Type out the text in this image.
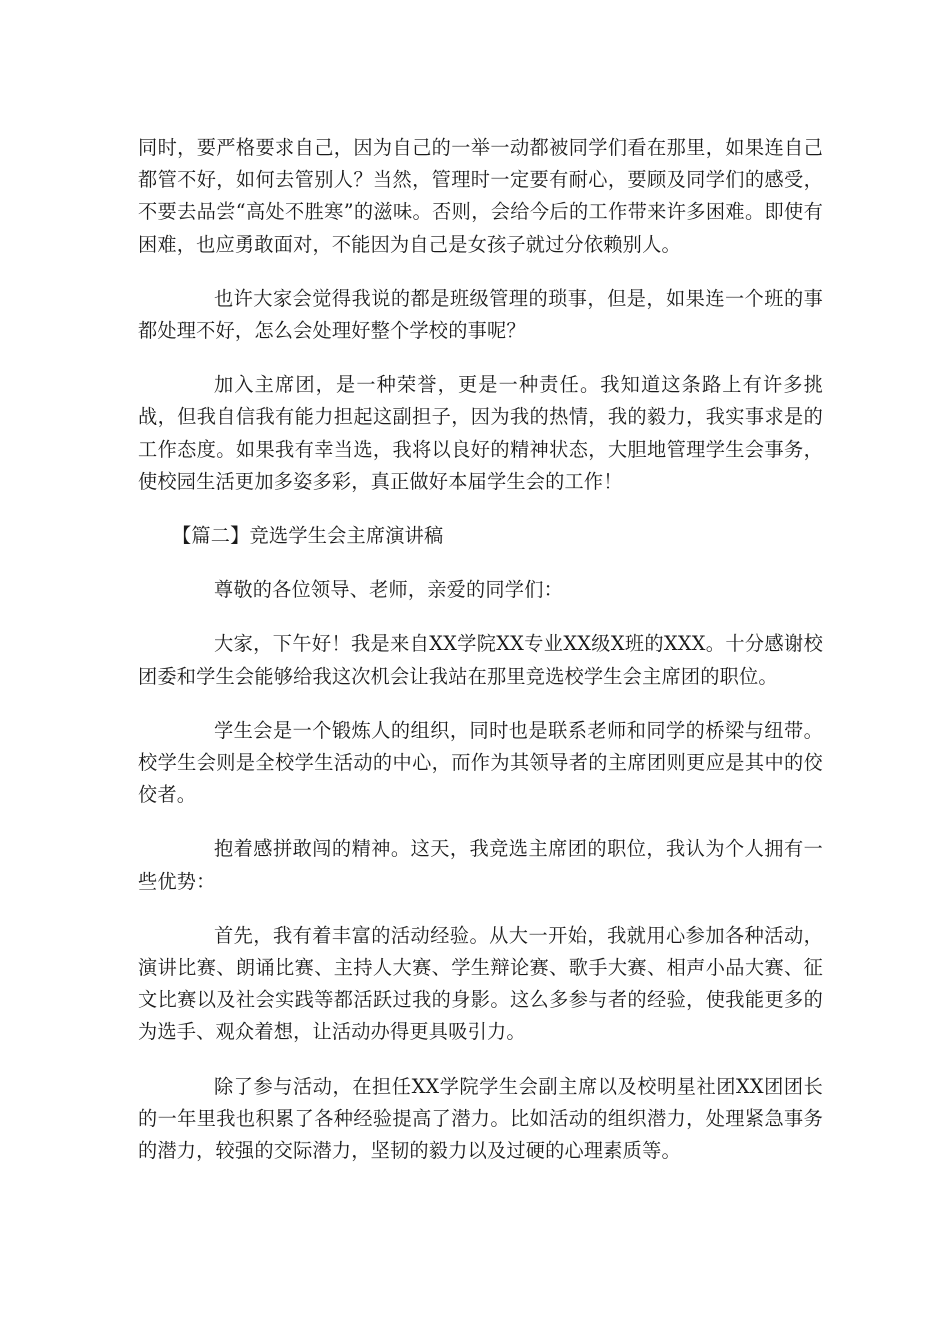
同时，要严格要求自己，因为自己的一举一动都被同学们看在那里，如果连自己都管不好，如何去管别人？当然，管理时一定要有耐心，要顾及同学们的感受，不要去品尝“高处不胜寒”的滋味。否则，会给今后的工作带来许多困难。即使有困难，也应勇敢面对，不能因为自己是女孩子就过分依赖别人。

也许大家会觉得我说的都是班级管理的琐事，但是，如果连一个班的事都处理不好，怎么会处理好整个学校的事呢？

加入主席团，是一种荣誉，更是一种责任。我知道这条路上有许多挑战，但我自信我有能力担起这副担子，因为我的热情，我的毅力，我实事求是的工作态度。如果我有幸当选，我将以良好的精神状态，大胆地管理学生会事务，使校园生活更加多姿多彩，真正做好本届学生会的工作！

【篇二】竞选学生会主席演讲稿

尊敬的各位领导、老师，亲爱的同学们：

大家，下午好！我是来自XX学院XX专业XX级X班的XXX。十分感谢校团委和学生会能够给我这次机会让我站在那里竞选校学生会主席团的职位。

学生会是一个锻炼人的组织，同时也是联系老师和同学的桥梁与纽带。校学生会则是全校学生活动的中心，而作为其领导者的主席团则更应是其中的佼佼者。

抱着感拼敢闯的精神。这天，我竞选主席团的职位，我认为个人拥有一些优势：

首先，我有着丰富的活动经验。从大一开始，我就用心参加各种活动，演讲比赛、朗诵比赛、主持人大赛、学生辩论赛、歌手大赛、相声小品大赛、征文比赛以及社会实践等都活跃过我的身影。这么多参与者的经验，使我能更多的为选手、观众着想，让活动办得更具吸引力。

除了参与活动，在担任XX学院学生会副主席以及校明星社团XX团团长的一年里我也积累了各种经验提高了潜力。比如活动的组织潜力，处理紧急事务的潜力，较强的交际潜力，坚韧的毅力以及过硬的心理素质等。
